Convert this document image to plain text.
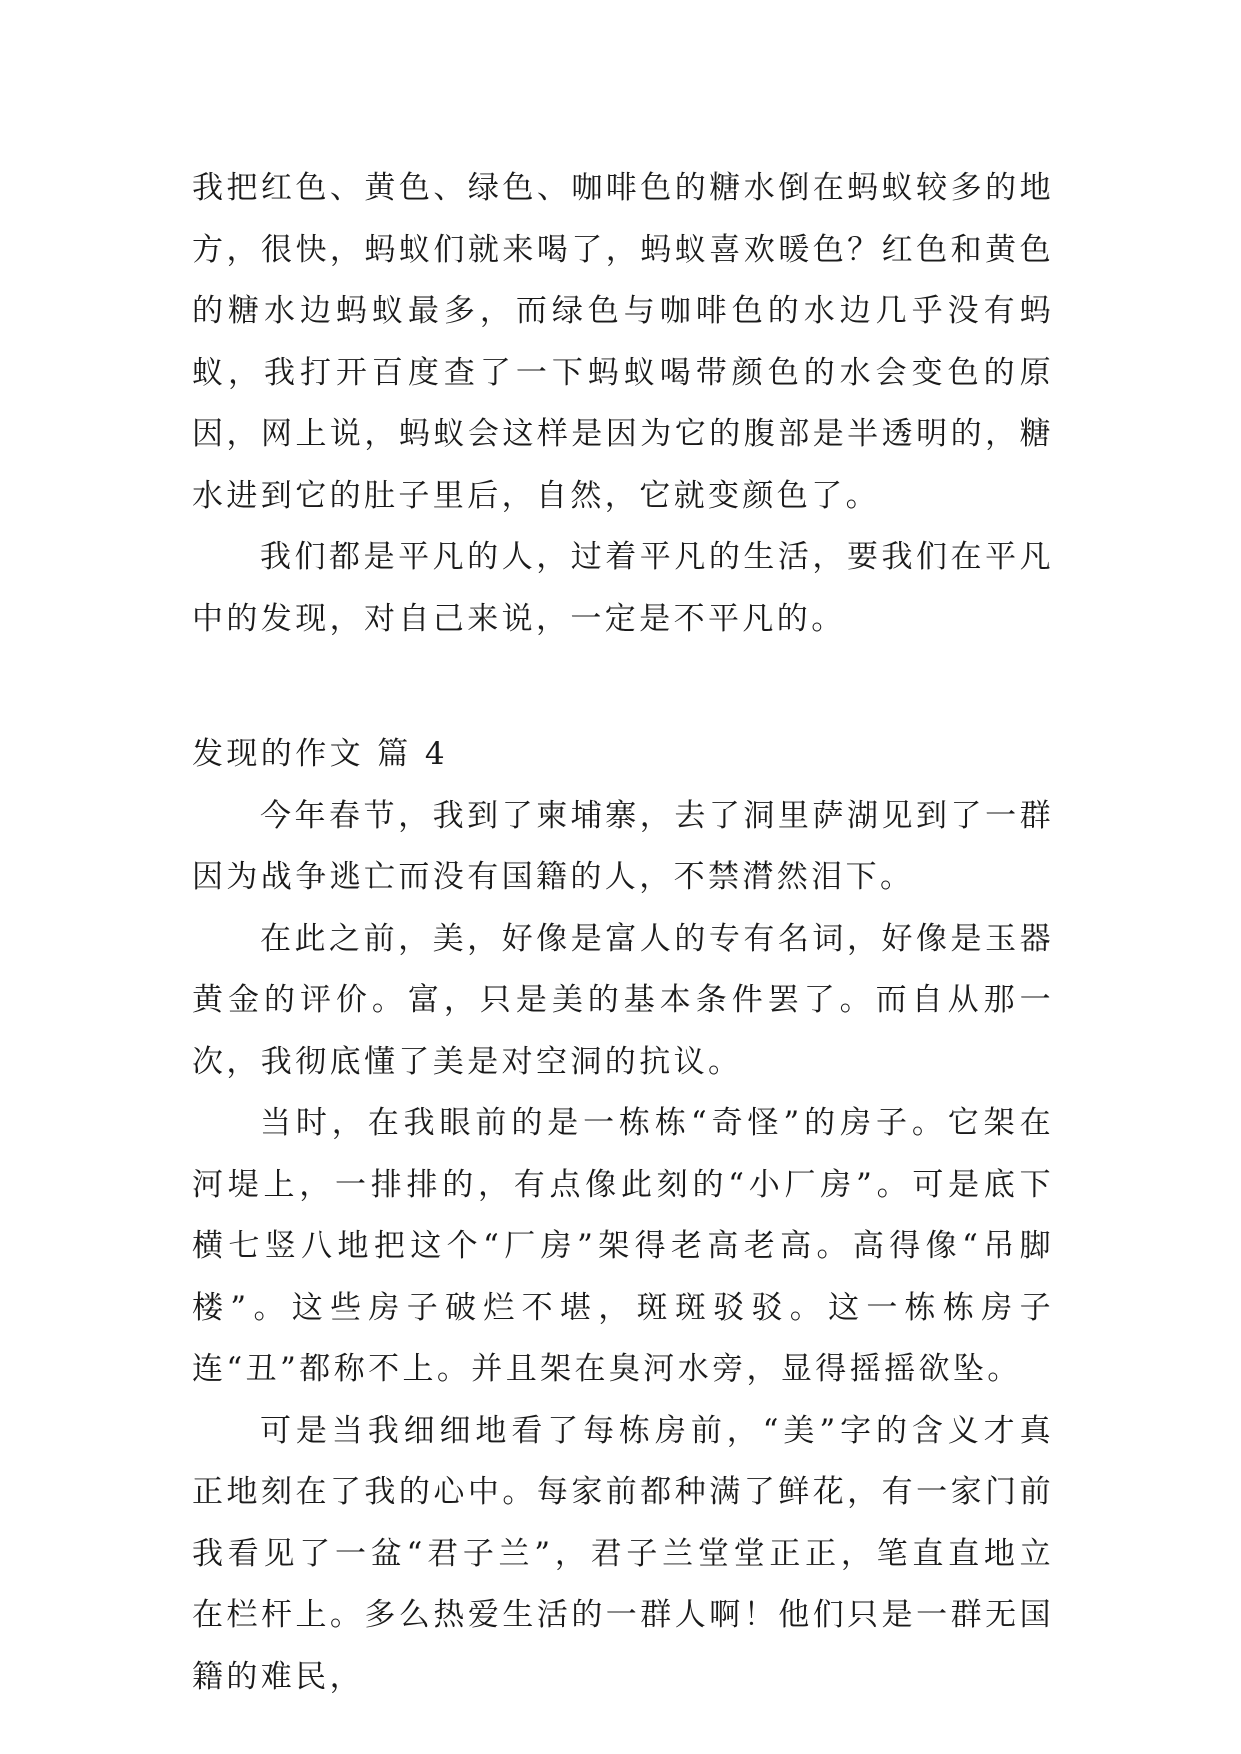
我把红色、黄色、绿色、咖啡色的糖水倒在蚂蚁较多的地方，很快，蚂蚁们就来喝了，蚂蚁喜欢暖色？红色和黄色的糖水边蚂蚁最多，而绿色与咖啡色的水边几乎没有蚂蚁，我打开百度查了一下蚂蚁喝带颜色的水会变色的原因，网上说，蚂蚁会这样是因为它的腹部是半透明的，糖水进到它的肚子里后，自然，它就变颜色了。

我们都是平凡的人，过着平凡的生活，要我们在平凡中的发现，对自己来说，一定是不平凡的。

发现的作文 篇 4

今年春节，我到了柬埔寨，去了洞里萨湖见到了一群因为战争逃亡而没有国籍的人，不禁潸然泪下。

在此之前，美，好像是富人的专有名词，好像是玉器黄金的评价。富，只是美的基本条件罢了。而自从那一次，我彻底懂了美是对空洞的抗议。

当时，在我眼前的是一栋栋“奇怪”的房子。它架在河堤上，一排排的，有点像此刻的“小厂房”。可是底下横七竖八地把这个“厂房”架得老高老高。高得像“吊脚楼”。这些房子破烂不堪，斑斑驳驳。这一栋栋房子连“丑”都称不上。并且架在臭河水旁，显得摇摇欲坠。

可是当我细细地看了每栋房前，“美”字的含义才真正地刻在了我的心中。每家前都种满了鲜花，有一家门前我看见了一盆“君子兰”，君子兰堂堂正正，笔直直地立在栏杆上。多么热爱生活的一群人啊！他们只是一群无国籍的难民，
